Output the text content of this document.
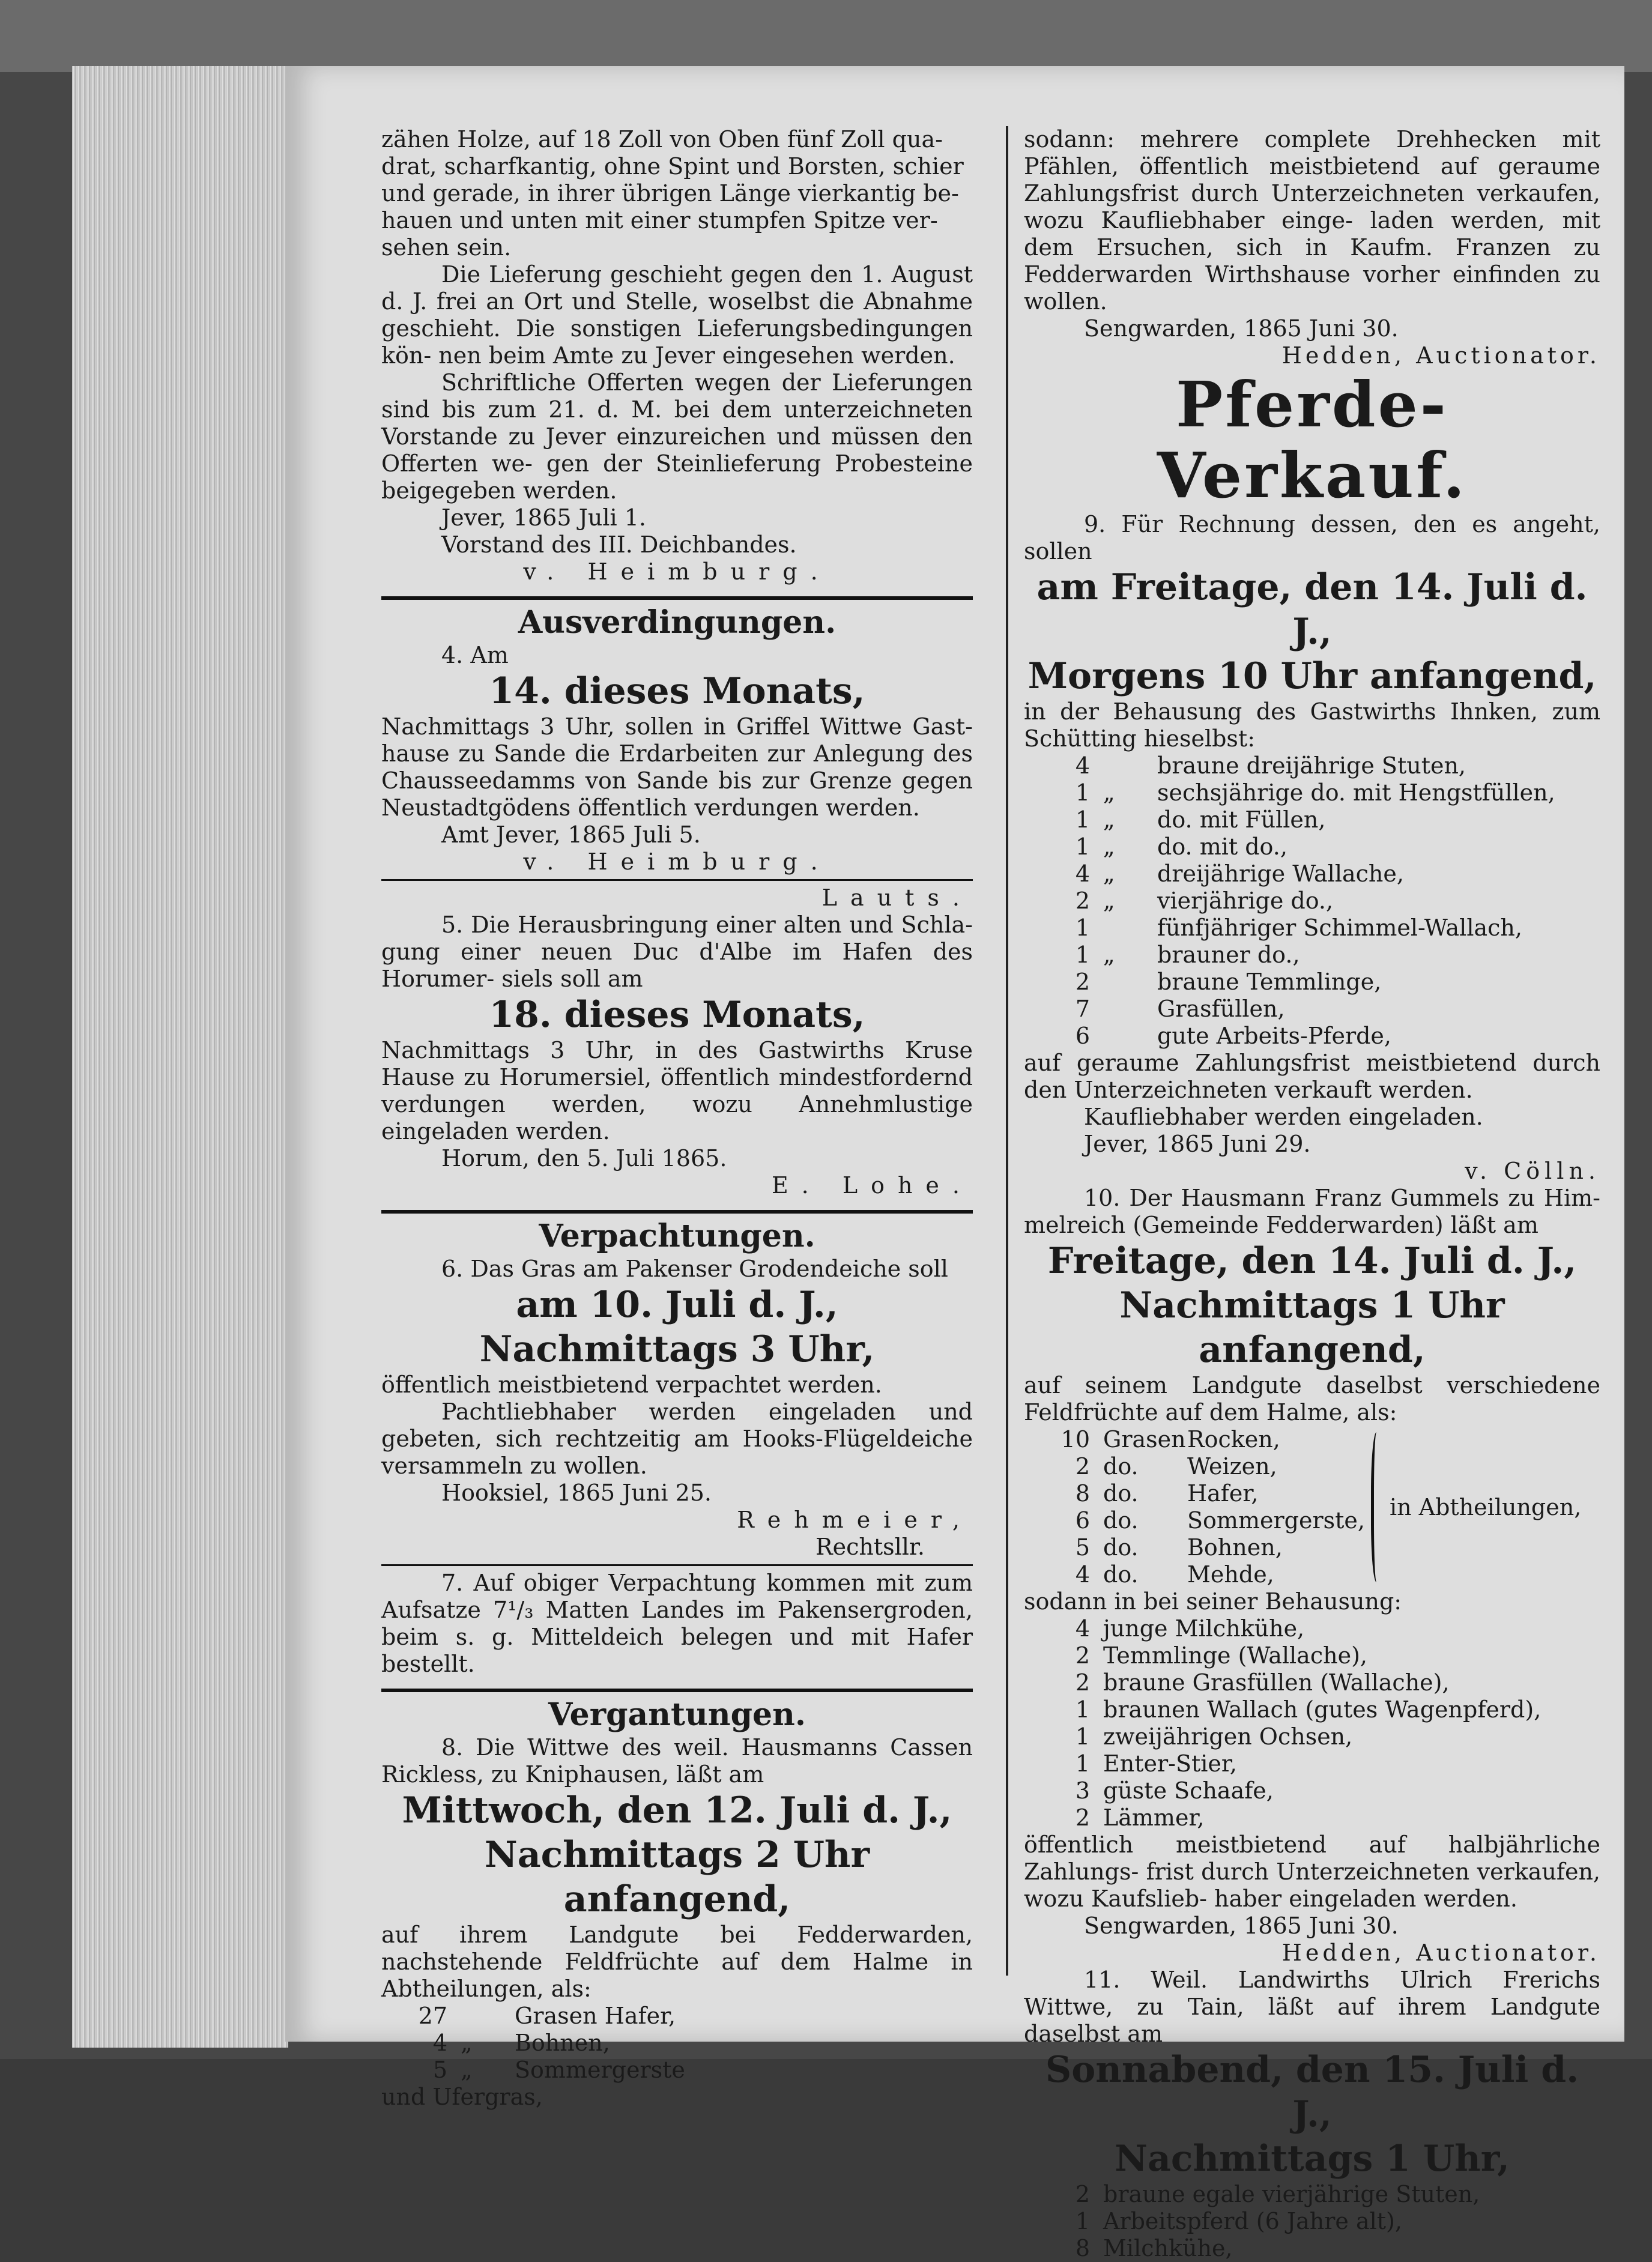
zähen Holze, auf 18 Zoll von Oben fünf Zoll qua-

drat, scharfkantig, ohne Spint und Borsten, schier

und gerade, in ihrer übrigen Länge vierkantig be-

hauen und unten mit einer stumpfen Spitze ver-

sehen sein.

Die Lieferung geschieht gegen den 1. August d. J. frei an Ort und Stelle, woselbst die Abnahme geschieht. Die sonstigen Lieferungsbedingungen kön- nen beim Amte zu Jever eingesehen werden.

Schriftliche Offerten wegen der Lieferungen sind bis zum 21. d. M. bei dem unterzeichneten Vorstande zu Jever einzureichen und müssen den Offerten we- gen der Steinlieferung Probesteine beigegeben werden.

Jever, 1865 Juli 1.

Vorstand des III. Deichbandes.

v. Heimburg.

Ausverdingungen.

4. Am

14. dieses Monats,

Nachmittags 3 Uhr, sollen in Griffel Wittwe Gast- hause zu Sande die Erdarbeiten zur Anlegung des Chausseedamms von Sande bis zur Grenze gegen Neustadtgödens öffentlich verdungen werden.

Amt Jever, 1865 Juli 5.

v. Heimburg.

Lauts.

5. Die Herausbringung einer alten und Schla- gung einer neuen Duc d'Albe im Hafen des Horumer- siels soll am

18. dieses Monats,

Nachmittags 3 Uhr, in des Gastwirths Kruse Hause zu Horumersiel, öffentlich mindestfordernd verdungen werden, wozu Annehmlustige eingeladen werden.

Horum, den 5. Juli 1865.

E. Lohe.

Verpachtungen.

6. Das Gras am Pakenser Grodendeiche soll

am 10. Juli d. J., Nachmittags 3 Uhr,

öffentlich meistbietend verpachtet werden.

Pachtliebhaber werden eingeladen und gebeten, sich rechtzeitig am Hooks-Flügeldeiche versammeln zu wollen.

Hooksiel, 1865 Juni 25.

Rehmeier,

Rechtsllr.

7. Auf obiger Verpachtung kommen mit zum Aufsatze 7¹/₃ Matten Landes im Pakensergroden, beim s. g. Mitteldeich belegen und mit Hafer bestellt.

Vergantungen.

8. Die Wittwe des weil. Hausmanns Cassen Rickless, zu Kniphausen, läßt am

Mittwoch, den 12. Juli d. J.,

Nachmittags 2 Uhr anfangend,

auf ihrem Landgute bei Fedderwarden, nachstehende Feldfrüchte auf dem Halme in Abtheilungen, als:

27	Grasen Hafer,
4 „	Bohnen,
5 „	Sommergerste

und Ufergras,

sodann: mehrere complete Drehhecken mit Pfählen, öffentlich meistbietend auf geraume Zahlungsfrist durch Unterzeichneten verkaufen, wozu Kaufliebhaber einge- laden werden, mit dem Ersuchen, sich in Kaufm. Franzen zu Fedderwarden Wirthshause vorher einfinden zu wollen.

Sengwarden, 1865 Juni 30.

Hedden, Auctionator.

Pferde-Verkauf.

9. Für Rechnung dessen, den es angeht, sollen

am Freitage, den 14. Juli d. J.,

Morgens 10 Uhr anfangend,

in der Behausung des Gastwirths Ihnken, zum Schütting hieselbst:

4	braune dreijährige Stuten,
1 „	sechsjährige do. mit Hengstfüllen,
1 „	do. mit Füllen,
1 „	do. mit do.,
4 „	dreijährige Wallache,
2 „	vierjährige do.,
1	fünfjähriger Schimmel-Wallach,
1 „	brauner do.,
2	braune Temmlinge,
7	Grasfüllen,
6	gute Arbeits-Pferde,

auf geraume Zahlungsfrist meistbietend durch den Unterzeichneten verkauft werden.

Kaufliebhaber werden eingeladen.

Jever, 1865 Juni 29.

v. Cölln.

10. Der Hausmann Franz Gummels zu Him- melreich (Gemeinde Fedderwarden) läßt am

Freitage, den 14. Juli d. J.,

Nachmittags 1 Uhr anfangend,

auf seinem Landgute daselbst verschiedene Feldfrüchte auf dem Halme, als:

10 Grasen Rocken,
2 do.	Weizen,
8 do.	Hafer,
6 do.	Sommergerste,
5 do.	Bohnen,
4 do.	Mehde,
in Abtheilungen,

sodann in bei seiner Behausung:

4 junge Milchkühe,
2 Temmlinge (Wallache),
2 braune Grasfüllen (Wallache),
1 braunen Wallach (gutes Wagenpferd),
1 zweijährigen Ochsen,
1 Enter-Stier,
3 güste Schaafe,
2 Lämmer,

öffentlich meistbietend auf halbjährliche Zahlungs- frist durch Unterzeichneten verkaufen, wozu Kaufslieb- haber eingeladen werden.

Sengwarden, 1865 Juni 30.

Hedden, Auctionator.

11. Weil. Landwirths Ulrich Frerichs Wittwe, zu Tain, läßt auf ihrem Landgute daselbst am

Sonnabend, den 15. Juli d. J.,

Nachmittags 1 Uhr,

2 braune egale vierjährige Stuten,
1 Arbeitspferd (6 Jahre alt),
8 Milchkühe,
